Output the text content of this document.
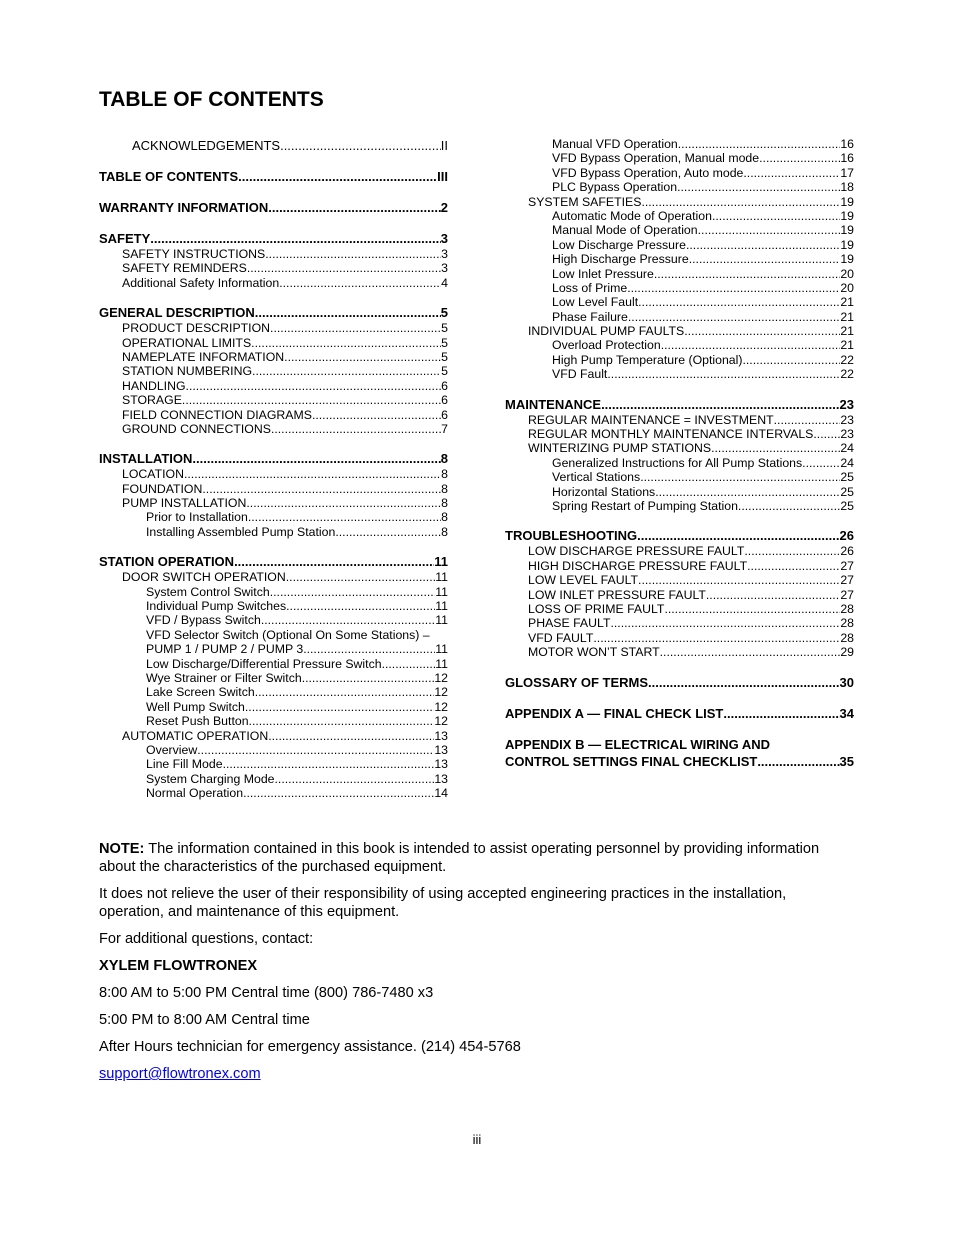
TABLE OF CONTENTS
ACKNOWLEDGEMENTS .....	II
TABLE OF CONTENTS .....	III
WARRANTY INFORMATION .....	2
SAFETY .....	3
SAFETY INSTRUCTIONS .....	3
SAFETY REMINDERS .....	3
Additional Safety Information .....	4
GENERAL DESCRIPTION .....	5
PRODUCT DESCRIPTION .....	5
OPERATIONAL LIMITS .....	5
NAMEPLATE INFORMATION .....	5
STATION NUMBERING .....	5
HANDLING .....	6
STORAGE .....	6
FIELD CONNECTION DIAGRAMS .....	6
GROUND CONNECTIONS .....	7
INSTALLATION .....	8
LOCATION .....	8
FOUNDATION .....	8
PUMP INSTALLATION .....	8
Prior to Installation .....	8
Installing Assembled Pump Station .....	8
STATION OPERATION .....	11
DOOR SWITCH OPERATION .....	11
System Control Switch .....	11
Individual Pump Switches .....	11
VFD / Bypass Switch .....	11
VFD Selector Switch (Optional On Some Stations) –
PUMP 1 / PUMP 2 / PUMP 3 .....	11
Low Discharge/Differential Pressure Switch .....	11
Wye Strainer or Filter Switch .....	12
Lake Screen Switch .....	12
Well Pump Switch .....	12
Reset Push Button .....	12
AUTOMATIC OPERATION .....	13
Overview .....	13
Line Fill Mode .....	13
System Charging Mode .....	13
Normal Operation .....	14
Manual VFD Operation .....	16
VFD Bypass Operation, Manual mode .....	16
VFD Bypass Operation, Auto mode .....	17
PLC Bypass Operation .....	18
SYSTEM SAFETIES .....	19
Automatic Mode of Operation .....	19
Manual Mode of Operation .....	19
Low Discharge Pressure .....	19
High Discharge Pressure .....	19
Low Inlet Pressure .....	20
Loss of Prime .....	20
Low Level Fault .....	21
Phase Failure .....	21
INDIVIDUAL PUMP FAULTS .....	21
Overload Protection .....	21
High Pump Temperature (Optional) .....	22
VFD Fault .....	22
MAINTENANCE .....	23
REGULAR MAINTENANCE = INVESTMENT .....	23
REGULAR MONTHLY MAINTENANCE INTERVALS ..... 23
WINTERIZING PUMP STATIONS .....	24
Generalized Instructions for All Pump Stations .....	24
Vertical Stations .....	25
Horizontal Stations .....	25
Spring Restart of Pumping Station .....	25
TROUBLESHOOTING .....	26
LOW DISCHARGE PRESSURE FAULT .....	26
HIGH DISCHARGE PRESSURE FAULT .....	27
LOW LEVEL FAULT .....	27
LOW INLET PRESSURE FAULT .....	27
LOSS OF PRIME FAULT .....	28
PHASE FAULT .....	28
VFD FAULT .....	28
MOTOR WON’T START .....	29
GLOSSARY OF TERMS .....	30
APPENDIX A — FINAL CHECK LIST .....	34
APPENDIX B — ELECTRICAL WIRING AND
CONTROL SETTINGS FINAL CHECKLIST .....	35

NOTE: The information contained in this book is intended to assist operating personnel by providing information about the characteristics of the purchased equipment.

It does not relieve the user of their responsibility of using accepted engineering practices in the installation, operation, and maintenance of this equipment.

For additional questions, contact:

XYLEM FLOWTRONEX

8:00 AM to 5:00 PM Central time (800) 786-7480 x3

5:00 PM to 8:00 AM Central time

After Hours technician for emergency assistance. (214) 454-5768

support@flowtronex.com

iii
